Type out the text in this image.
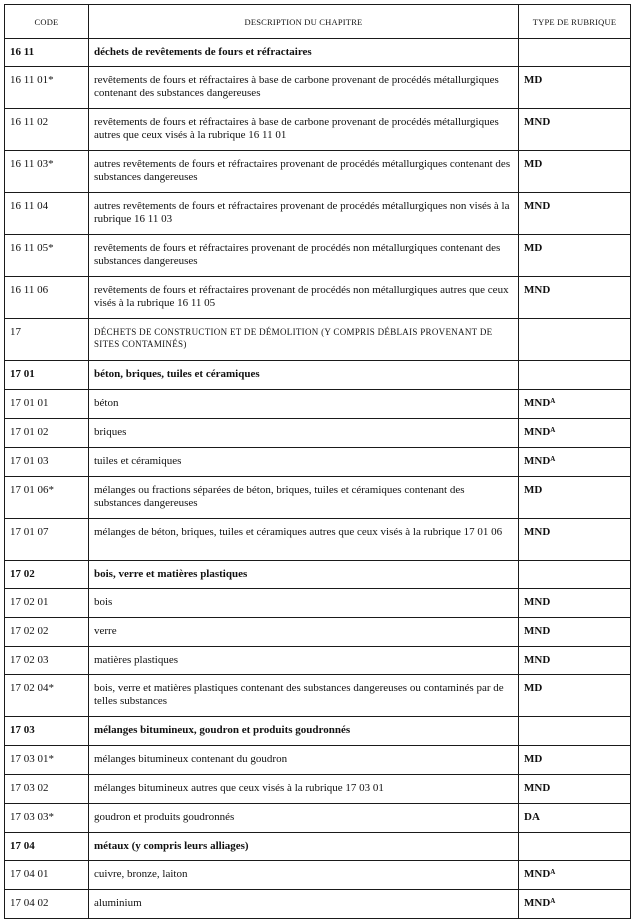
CODE	DESCRIPTION DU CHAPITRE	TYPE DE RUBRIQUE
16 11	déchets de revêtements de fours et réfractaires	
16 11 01*	revêtements de fours et réfractaires à base de carbone provenant de procédés métallurgiques contenant des substances dangereuses	MD
16 11 02	revêtements de fours et réfractaires à base de carbone provenant de procédés métallurgiques autres que ceux visés à la rubrique 16 11 01	MND
16 11 03*	autres revêtements de fours et réfractaires provenant de procédés métallurgiques contenant des substances dangereuses	MD
16 11 04	autres revêtements de fours et réfractaires provenant de procédés métallurgiques non visés à la rubrique 16 11 03	MND
16 11 05*	revêtements de fours et réfractaires provenant de procédés non métallurgiques contenant des substances dangereuses	MD
16 11 06	revêtements de fours et réfractaires provenant de procédés non métallurgiques autres que ceux visés à la rubrique 16 11 05	MND
17	DÉCHETS DE CONSTRUCTION ET DE DÉMOLITION (Y COMPRIS DÉBLAIS PROVENANT DE SITES CONTAMINÉS)	
17 01	béton, briques, tuiles et céramiques	
17 01 01	béton	$MND^A$
17 01 02	briques	$MND^A$
17 01 03	tuiles et céramiques	$MND^A$
17 01 06*	mélanges ou fractions séparées de béton, briques, tuiles et céramiques contenant des substances dangereuses	MD
17 01 07	mélanges de béton, briques, tuiles et céramiques autres que ceux visés à la rubrique 17 01 06	MND
17 02	bois, verre et matières plastiques	
17 02 01	bois	MND
17 02 02	verre	MND
17 02 03	matières plastiques	MND
17 02 04*	bois, verre et matières plastiques contenant des substances dangereuses ou contaminés par de telles substances	MD
17 03	mélanges bitumineux, goudron et produits goudronnés	
17 03 01*	mélanges bitumineux contenant du goudron	MD
17 03 02	mélanges bitumineux autres que ceux visés à la rubrique 17 03 01	MND
17 03 03*	goudron et produits goudronnés	DA
17 04	métaux (y compris leurs alliages)	
17 04 01	cuivre, bronze, laiton	$MND^A$
17 04 02	aluminium	$MND^A$
